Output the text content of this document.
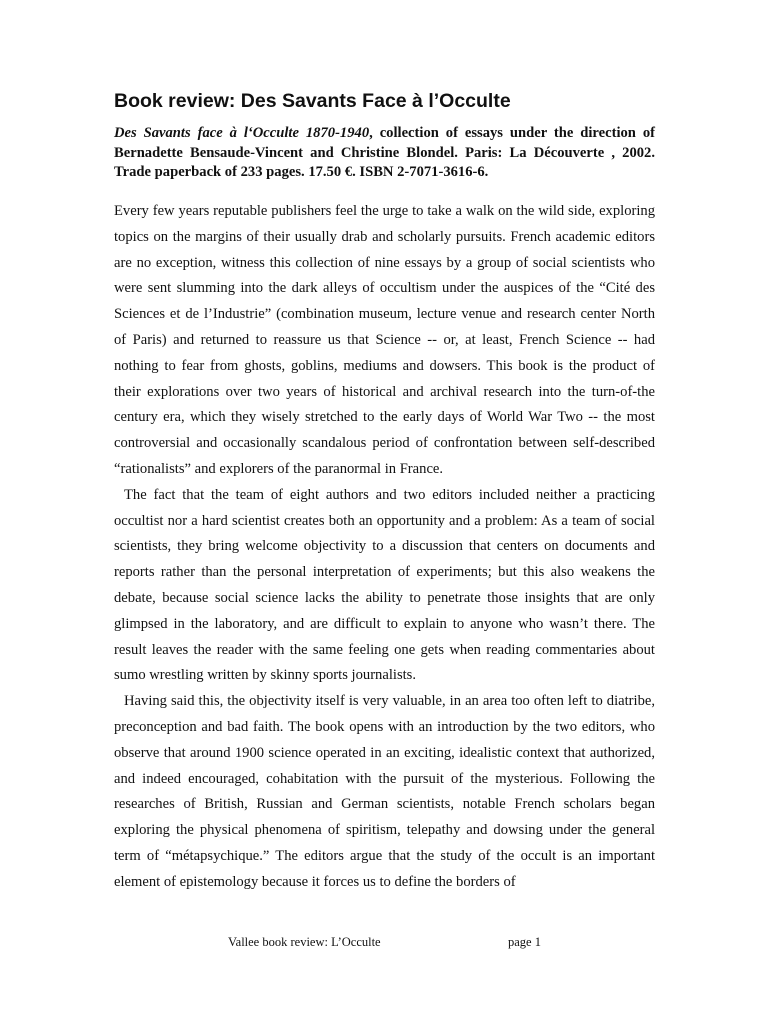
Book review: Des Savants Face à l’Occulte

Des Savants face à l‘Occulte 1870-1940, collection of essays under the direction of Bernadette Bensaude-Vincent and Christine Blondel. Paris: La Découverte , 2002. Trade paperback of 233 pages. 17.50 €. ISBN 2-7071-3616-6.

Every few years reputable publishers feel the urge to take a walk on the wild side, exploring topics on the margins of their usually drab and scholarly pursuits. French academic editors are no exception, witness this collection of nine essays by a group of social scientists who were sent slumming into the dark alleys of occultism under the auspices of the “Cité des Sciences et de l’Industrie” (combination museum, lecture venue and research center North of Paris) and returned to reassure us that Science -- or, at least, French Science -- had nothing to fear from ghosts, goblins, mediums and dowsers. This book is the product of their explorations over two years of historical and archival research into the turn-of-the century era, which they wisely stretched to the early days of World War Two -- the most controversial and occasionally scandalous period of confrontation between self-described “rationalists” and explorers of the paranormal in France.

The fact that the team of eight authors and two editors included neither a practicing occultist nor a hard scientist creates both an opportunity and a problem: As a team of social scientists, they bring welcome objectivity to a discussion that centers on documents and reports rather than the personal interpretation of experiments; but this also weakens the debate, because social science lacks the ability to penetrate those insights that are only glimpsed in the laboratory, and are difficult to explain to anyone who wasn’t there. The result leaves the reader with the same feeling one gets when reading commentaries about sumo wrestling written by skinny sports journalists.

Having said this, the objectivity itself is very valuable, in an area too often left to diatribe, preconception and bad faith. The book opens with an introduction by the two editors, who observe that around 1900 science operated in an exciting, idealistic context that authorized, and indeed encouraged, cohabitation with the pursuit of the mysterious. Following the researches of British, Russian and German scientists, notable French scholars began exploring the physical phenomena of spiritism, telepathy and dowsing under the general term of “métapsychique.” The editors argue that the study of the occult is an important element of epistemology because it forces us to define the borders of

Vallee book review: L’Occulte	page 1
